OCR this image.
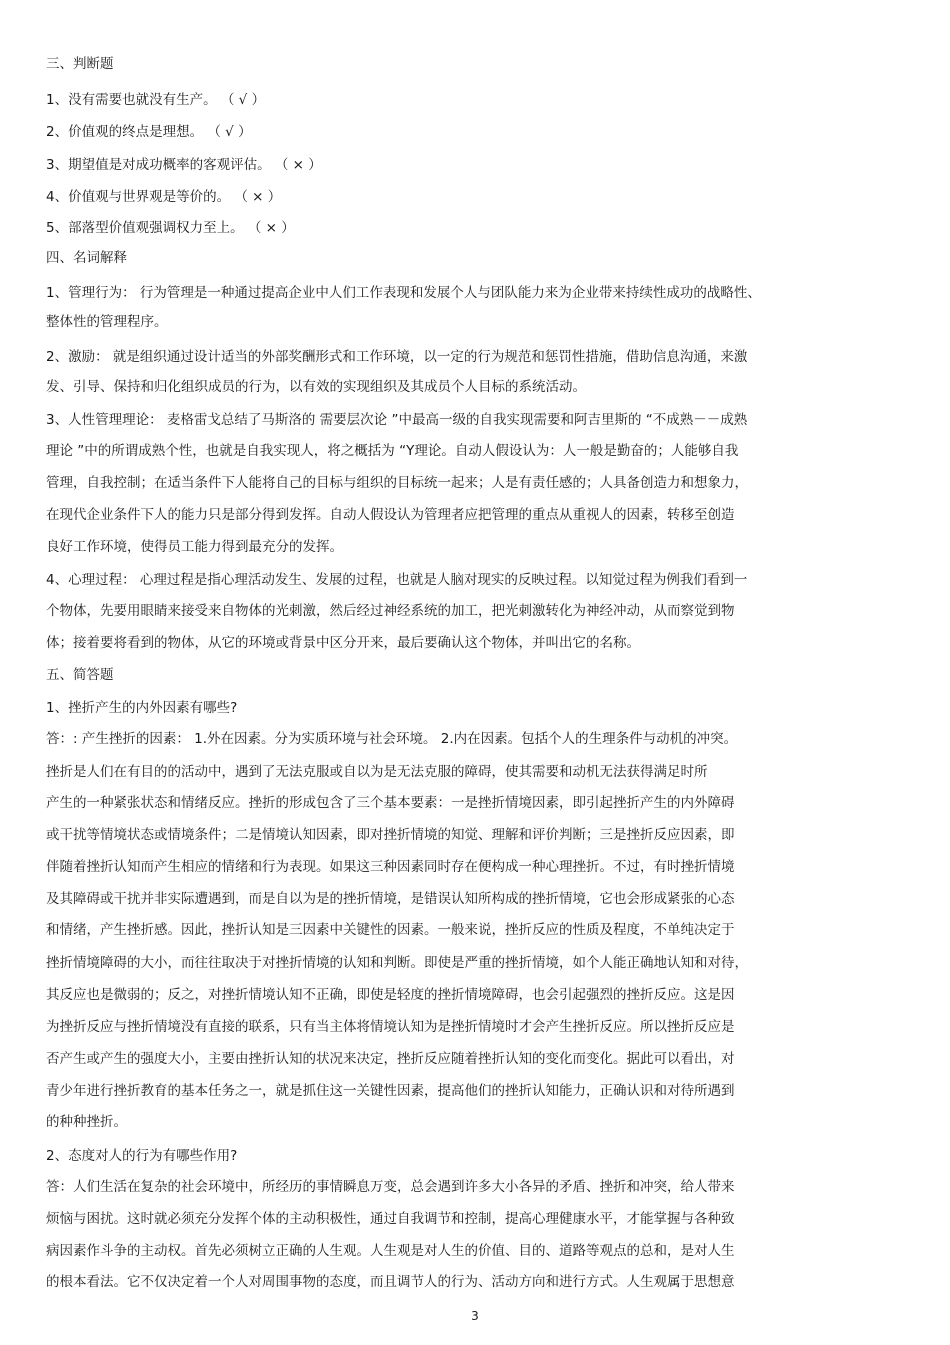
三、判断题
1、没有需要也就没有生产。 （ √ ）
2、价值观的终点是理想。 （ √ ）
3、期望值是对成功概率的客观评估。 （ × ）
4、价值观与世界观是等价的。 （ × ）
5、部落型价值观强调权力至上。 （ × ）
四、名词解释
1、管理行为： 行为管理是一种通过提高企业中人们工作表现和发展个人与团队能力来为企业带来持续性成功的战略性、
整体性的管理程序。
2、激励： 就是组织通过设计适当的外部奖酬形式和工作环境，以一定的行为规范和惩罚性措施，借助信息沟通，来激
发、引导、保持和归化组织成员的行为，以有效的实现组织及其成员个人目标的系统活动。
3、人性管理理论： 麦格雷戈总结了马斯洛的 需要层次论 ”中最高一级的自我实现需要和阿吉里斯的 “不成熟－－成熟
理论 ”中的所谓成熟个性，也就是自我实现人，将之概括为 “Y理论。自动人假设认为：人一般是勤奋的；人能够自我
管理，自我控制；在适当条件下人能将自己的目标与组织的目标统一起来；人是有责任感的；人具备创造力和想象力，
在现代企业条件下人的能力只是部分得到发挥。自动人假设认为管理者应把管理的重点从重视人的因素，转移至创造
良好工作环境，使得员工能力得到最充分的发挥。
4、心理过程： 心理过程是指心理活动发生、发展的过程，也就是人脑对现实的反映过程。以知觉过程为例我们看到一
个物体，先要用眼睛来接受来自物体的光刺激，然后经过神经系统的加工，把光刺激转化为神经冲动，从而察觉到物
体；接着要将看到的物体，从它的环境或背景中区分开来，最后要确认这个物体，并叫出它的名称。
五、简答题
1、挫折产生的内外因素有哪些?
答：: 产生挫折的因素： 1.外在因素。分为实质环境与社会环境。 2.内在因素。包括个人的生理条件与动机的冲突。
挫折是人们在有目的的活动中，遇到了无法克服或自以为是无法克服的障碍，使其需要和动机无法获得满足时所
产生的一种紧张状态和情绪反应。挫折的形成包含了三个基本要素：一是挫折情境因素，即引起挫折产生的内外障碍
或干扰等情境状态或情境条件；二是情境认知因素，即对挫折情境的知觉、理解和评价判断；三是挫折反应因素，即
伴随着挫折认知而产生相应的情绪和行为表现。如果这三种因素同时存在便构成一种心理挫折。不过，有时挫折情境
及其障碍或干扰并非实际遭遇到，而是自以为是的挫折情境，是错误认知所构成的挫折情境，它也会形成紧张的心态
和情绪，产生挫折感。因此，挫折认知是三因素中关键性的因素。一般来说，挫折反应的性质及程度，不单纯决定于
挫折情境障碍的大小，而往往取决于对挫折情境的认知和判断。即使是严重的挫折情境，如个人能正确地认知和对待，
其反应也是微弱的；反之，对挫折情境认知不正确，即使是轻度的挫折情境障碍，也会引起强烈的挫折反应。这是因
为挫折反应与挫折情境没有直接的联系，只有当主体将情境认知为是挫折情境时才会产生挫折反应。所以挫折反应是
否产生或产生的强度大小，主要由挫折认知的状况来决定，挫折反应随着挫折认知的变化而变化。据此可以看出，对
青少年进行挫折教育的基本任务之一，就是抓住这一关键性因素，提高他们的挫折认知能力，正确认识和对待所遇到
的种种挫折。
2、态度对人的行为有哪些作用?
答：人们生活在复杂的社会环境中，所经历的事情瞬息万变，总会遇到许多大小各异的矛盾、挫折和冲突，给人带来
烦恼与困扰。这时就必须充分发挥个体的主动积极性，通过自我调节和控制，提高心理健康水平，才能掌握与各种致
病因素作斗争的主动权。首先必须树立正确的人生观。人生观是对人生的价值、目的、道路等观点的总和，是对人生
的根本看法。它不仅决定着一个人对周围事物的态度，而且调节人的行为、活动方向和进行方式。人生观属于思想意
3
